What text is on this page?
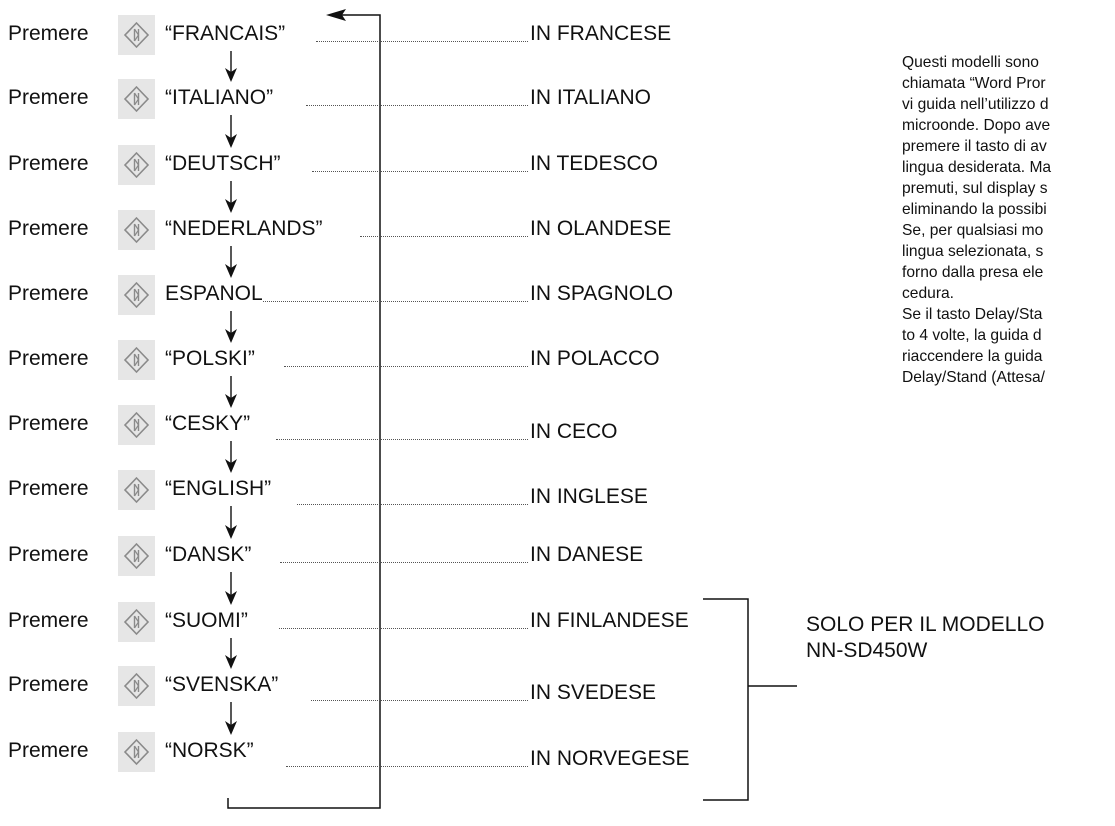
Premere	“FRANCAIS”	IN FRANCESE
Premere	“ITALIANO”	IN ITALIANO
Premere	“DEUTSCH”	IN TEDESCO
Premere	“NEDERLANDS”	IN OLANDESE
Premere	ESPANOL	IN SPAGNOLO
Premere	“POLSKI”	IN POLACCO
Premere	“CESKY”	IN CECO
Premere	“ENGLISH”	IN INGLESE
Premere	“DANSK”	IN DANESE
Premere	“SUOMI”	IN FINLANDESE
Premere	“SVENSKA”	IN SVEDESE
Premere	“NORSK”	IN NORVEGESE

Questi modelli sono

chiamata “Word Pror

vi guida nell’utilizzo d

microonde. Dopo ave

premere il tasto di av

lingua desiderata. Ma

premuti, sul display s

eliminando la possibi

Se, per qualsiasi mo

lingua selezionata, s

forno dalla presa ele

cedura.

Se il tasto Delay/Sta

to 4 volte, la guida d

riaccendere la guida

Delay/Stand (Attesa/

SOLO PER IL MODELLO
NN-SD450W
